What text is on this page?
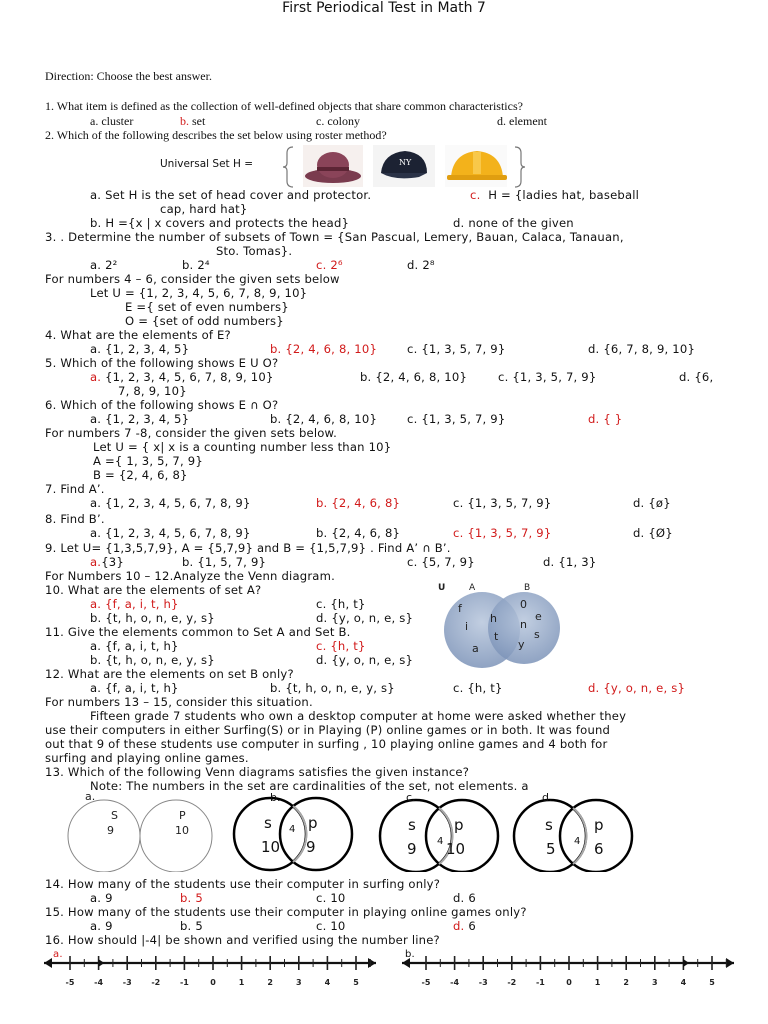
First Periodical Test in Math 7
Direction: Choose the best answer.
1. What item is defined as the collection of well-defined objects that share common characteristics?
a. cluster	b. set	c. colony	d. element
2. Which of the following describes the set below using roster method?
Universal Set H =	NY
a. Set H is the set of head cover and protector.	c. H = {ladies hat, baseball
cap, hard hat}
b. H ={x | x covers and protects the head}	d. none of the given
3. . Determine the number of subsets of Town = {San Pascual, Lemery, Bauan, Calaca, Tanauan,
Sto. Tomas}.
a. 2²	b. 2⁴	c. 2⁶	d. 2⁸
For numbers 4 – 6, consider the given sets below
Let U = {1, 2, 3, 4, 5, 6, 7, 8, 9, 10}
E ={ set of even numbers}
O = {set of odd numbers}
4. What are the elements of E?
a. {1, 2, 3, 4, 5}	b. {2, 4, 6, 8, 10}	c. {1, 3, 5, 7, 9}	d. {6, 7, 8, 9, 10}
5. Which of the following shows E U O?
a. {1, 2, 3, 4, 5, 6, 7, 8, 9, 10}	b. {2, 4, 6, 8, 10}	c. {1, 3, 5, 7, 9}	d. {6,
7, 8, 9, 10}
6. Which of the following shows E ∩ O?
a. {1, 2, 3, 4, 5}	b. {2, 4, 6, 8, 10}	c. {1, 3, 5, 7, 9}	d. { }
For numbers 7 -8, consider the given sets below.
Let U = { x| x is a counting number less than 10}
A ={ 1, 3, 5, 7, 9}
B = {2, 4, 6, 8}
7. Find A’.
a. {1, 2, 3, 4, 5, 6, 7, 8, 9}	b. {2, 4, 6, 8}	c. {1, 3, 5, 7, 9}	d. {ø}
8. Find B’.
a. {1, 2, 3, 4, 5, 6, 7, 8, 9}	b. {2, 4, 6, 8}	c. {1, 3, 5, 7, 9}	d. {Ø}
9. Let U= {1,3,5,7,9}, A = {5,7,9} and B = {1,5,7,9} . Find A’ ∩ B’.
a.{3}	b. {1, 5, 7, 9}	c. {5, 7, 9}	d. {1, 3}
For Numbers 10 – 12.Analyze the Venn diagram.
U	A	B
f
i
a
h
t
0
n
e
s
y
10. What are the elements of set A?
a. {f, a, i, t, h}	c. {h, t}
b. {t, h, o, n, e, y, s}	d. {y, o, n, e, s}
11. Give the elements common to Set A and Set B.
a. {f, a, i, t, h}	c. {h, t}
b. {t, h, o, n, e, y, s}	d. {y, o, n, e, s}
12. What are the elements on set B only?
a. {f, a, i, t, h}	b. {t, h, o, n, e, y, s}	c. {h, t}	d. {y, o, n, e, s}
For numbers 13 – 15, consider this situation.
Fifteen grade 7 students who own a desktop computer at home were asked whether they
use their computers in either Surfing(S) or in Playing (P) online games or in both. It was found
out that 9 of these students use computer in surfing , 10 playing online games and 4 both for
surfing and playing online games.
13. Which of the following Venn diagrams satisfies the given instance?
Note: The numbers in the set are cardinalities of the set, not elements. a
a.
S
9
P
10
b.
s
10
4 p
9
c.
s
9 4
p
10
d.
s
5 4
p
6
14. How many of the students use their computer in surfing only?
a. 9	b. 5	c. 10	d. 6
15. How many of the students use their computer in playing online games only?
a. 9	b. 5	c. 10	d. 6
16. How should |-4| be shown and verified using the number line?
a.	b.
-5 -4 -3 -2 -1	0	1	2	3	4	5	-5 -4 -3 -2 -1	0	1	2	3	4	5
